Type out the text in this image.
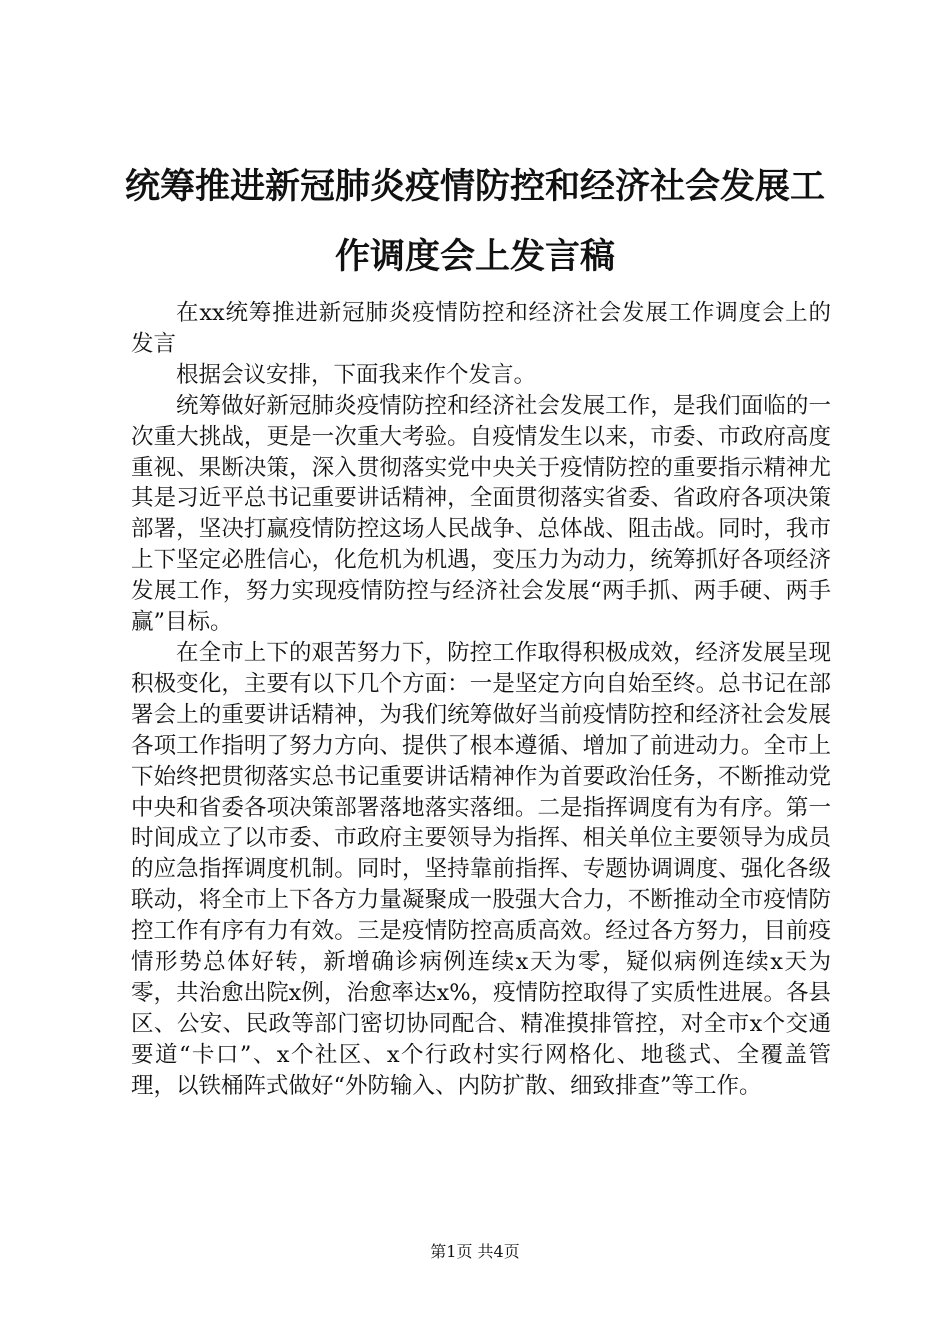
统筹推进新冠肺炎疫情防控和经济社会发展工作调度会上发言稿

在xx统筹推进新冠肺炎疫情防控和经济社会发展工作调度会上的发言

根据会议安排，下面我来作个发言。

统筹做好新冠肺炎疫情防控和经济社会发展工作，是我们面临的一次重大挑战，更是一次重大考验。自疫情发生以来，市委、市政府高度重视、果断决策，深入贯彻落实党中央关于疫情防控的重要指示精神尤其是习近平总书记重要讲话精神，全面贯彻落实省委、省政府各项决策部署，坚决打赢疫情防控这场人民战争、总体战、阻击战。同时，我市上下坚定必胜信心，化危机为机遇，变压力为动力，统筹抓好各项经济发展工作，努力实现疫情防控与经济社会发展“两手抓、两手硬、两手赢”目标。

在全市上下的艰苦努力下，防控工作取得积极成效，经济发展呈现积极变化，主要有以下几个方面：一是坚定方向自始至终。总书记在部署会上的重要讲话精神，为我们统筹做好当前疫情防控和经济社会发展各项工作指明了努力方向、提供了根本遵循、增加了前进动力。全市上下始终把贯彻落实总书记重要讲话精神作为首要政治任务，不断推动党中央和省委各项决策部署落地落实落细。二是指挥调度有为有序。第一时间成立了以市委、市政府主要领导为指挥、相关单位主要领导为成员的应急指挥调度机制。同时，坚持靠前指挥、专题协调调度、强化各级联动，将全市上下各方力量凝聚成一股强大合力，不断推动全市疫情防控工作有序有力有效。三是疫情防控高质高效。经过各方努力，目前疫情形势总体好转，新增确诊病例连续x天为零，疑似病例连续x天为零，共治愈出院x例，治愈率达x%，疫情防控取得了实质性进展。各县区、公安、民政等部门密切协同配合、精准摸排管控，对全市x个交通要道“卡口”、x个社区、x个行政村实行网格化、地毯式、全覆盖管理，以铁桶阵式做好“外防输入、内防扩散、细致排查”等工作。

第1页 共4页
